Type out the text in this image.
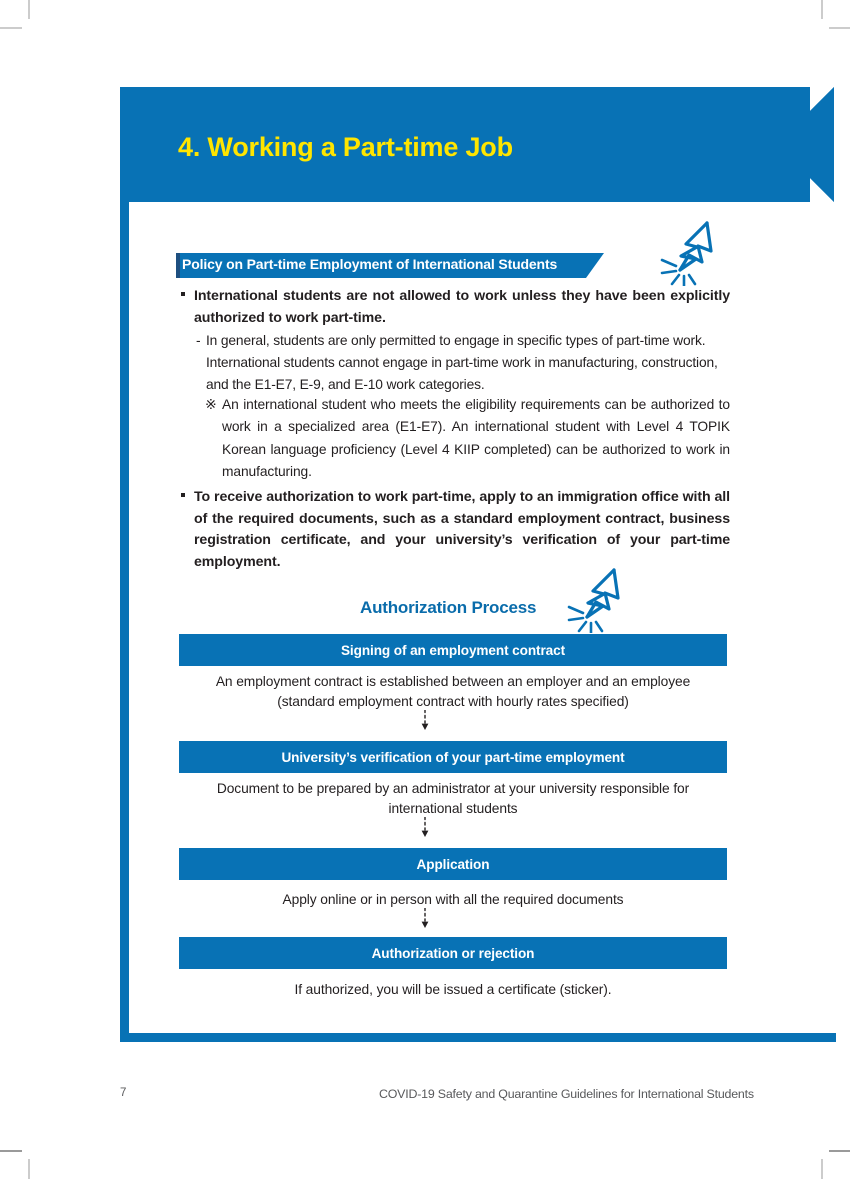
4. Working a Part-time Job
Policy on Part-time Employment of International Students
International students are not allowed to work unless they have been explicitly authorized to work part-time.
- In general, students are only permitted to engage in specific types of part-time work. International students cannot engage in part-time work in manufacturing, construction, and the E1-E7, E-9, and E-10 work categories.
※ An international student who meets the eligibility requirements can be authorized to work in a specialized area (E1-E7). An international student with Level 4 TOPIK Korean language proficiency (Level 4 KIIP completed) can be authorized to work in manufacturing.
To receive authorization to work part-time, apply to an immigration office with all of the required documents, such as a standard employment contract, business registration certificate, and your university’s verification of your part-time employment.
Authorization Process
Signing of an employment contract
An employment contract is established between an employer and an employee
(standard employment contract with hourly rates specified)
University’s verification of your part-time employment
Document to be prepared by an administrator at your university responsible for
international students
Application
Apply online or in person with all the required documents
Authorization or rejection
If authorized, you will be issued a certificate (sticker).
7	COVID-19 Safety and Quarantine Guidelines for International Students
